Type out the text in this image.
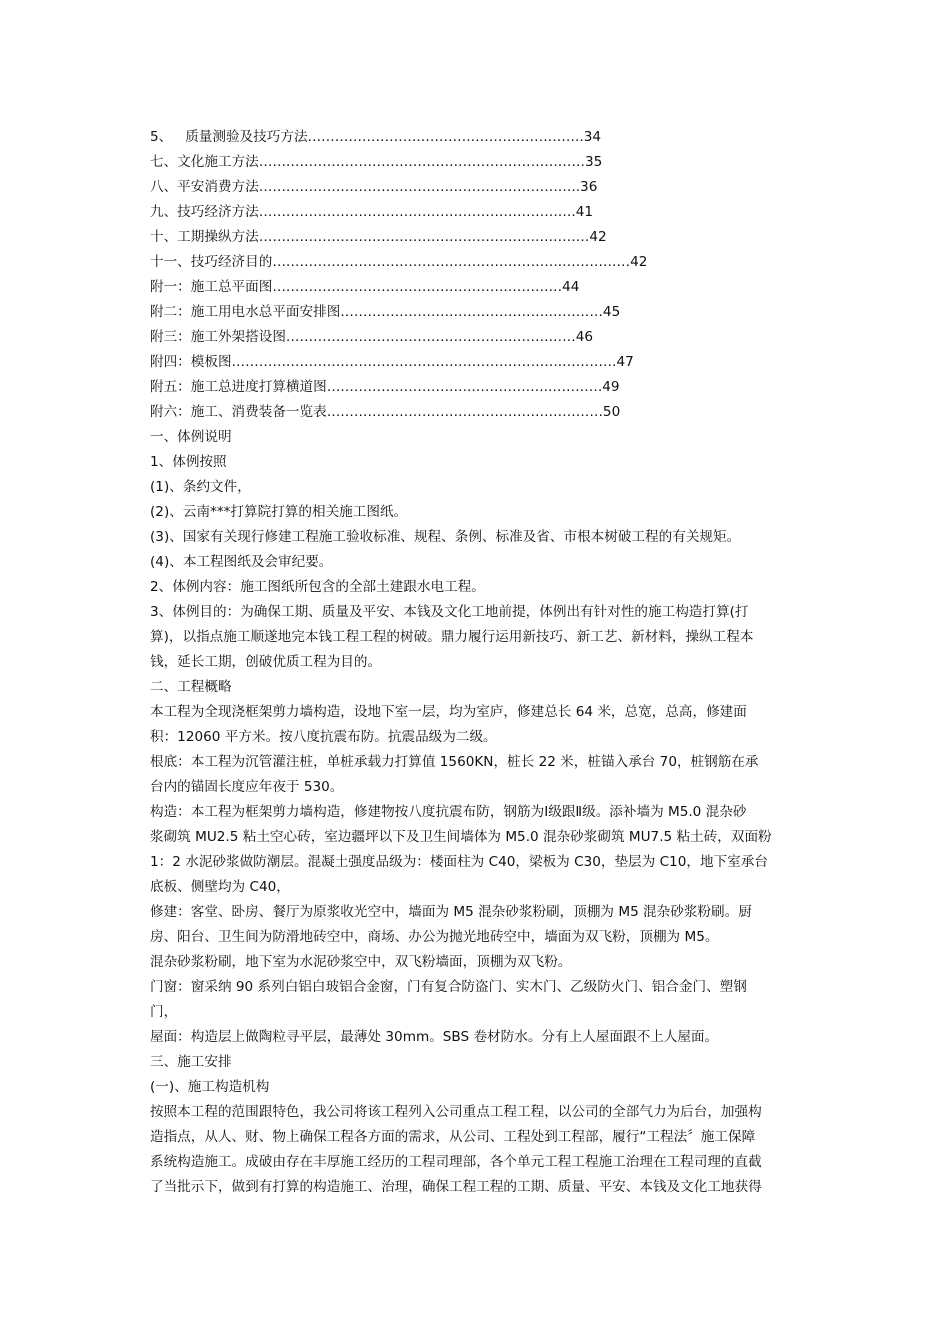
5、   质量测验及技巧方法…………………………………………………….34
七、文化施工方法………………………………………………………………35
八、平安消费方法……………………………………………………………..36
九、技巧经济方法…………………………………………………………….41
十、工期操纵方法…………………………………………………….…………42
十一、技巧经济目的……………………………………………………….……………42
附一：施工总平面图…………………………………………….…………44
附二：施工用电水总平面安排图……………………………………….…………45
附三：施工外架搭设图…………………………………………….…………46
附四：模板图……………………………………………………………….…………47
附五：施工总进度打算横道图…………………………..……………..…………49
附六：施工、消费装备一览表……………………………………….……………50
一、体例说明
1、体例按照
(1)、条约文件，
(2)、云南***打算院打算的相关施工图纸。
(3)、国家有关现行修建工程施工验收标准、规程、条例、标准及省、市根本树破工程的有关规矩。
(4)、本工程图纸及会审纪要。
2、体例内容：施工图纸所包含的全部土建跟水电工程。
3、体例目的：为确保工期、质量及平安、本钱及文化工地前提，体例出有针对性的施工构造打算(打
算)，以指点施工顺遂地完本钱工程工程的树破。鼎力履行运用新技巧、新工艺、新材料，操纵工程本
钱，延长工期，创破优质工程为目的。
二、工程概略
本工程为全现浇框架剪力墙构造，设地下室一层，均为室庐，修建总长 64 米，总宽，总高，修建面
积：12060 平方米。按八度抗震布防。抗震品级为二级。
根底：本工程为沉管灌注桩，单桩承载力打算值 1560KN，桩长 22 米，桩锚入承台 70，桩钢筋在承
台内的锚固长度应年夜于 530。
构造：本工程为框架剪力墙构造，修建物按八度抗震布防，钢筋为Ⅰ级跟Ⅱ级。添补墙为 M5.0 混杂砂
浆砌筑 MU2.5 粘土空心砖，室边疆坪以下及卫生间墙体为 M5.0 混杂砂浆砌筑 MU7.5 粘土砖，双面粉
1：2 水泥砂浆做防潮层。混凝土强度品级为：楼面柱为 C40，梁板为 C30，垫层为 C10，地下室承台
底板、侧壁均为 C40，
修建：客堂、卧房、餐厅为原浆收光空中，墙面为 M5 混杂砂浆粉刷，顶棚为 M5 混杂砂浆粉刷。厨
房、阳台、卫生间为防滑地砖空中，商场、办公为抛光地砖空中，墙面为双飞粉，顶棚为 M5。
混杂砂浆粉刷，地下室为水泥砂浆空中，双飞粉墙面，顶棚为双飞粉。
门窗：窗采纳 90 系列白铝白玻铝合金窗，门有复合防盗门、实木门、乙级防火门、铝合金门、塑钢
门，
屋面：构造层上做陶粒寻平层，最薄处 30mm。SBS 卷材防水。分有上人屋面跟不上人屋面。
三、施工安排
(一)、施工构造机构
按照本工程的范围跟特色，我公司将该工程列入公司重点工程工程，以公司的全部气力为后台，加强构
造指点，从人、财、物上确保工程各方面的需求，从公司、工程处到工程部，履行“工程法〞施工保障
系统构造施工。成破由存在丰厚施工经历的工程司理部，各个单元工程工程施工治理在工程司理的直截
了当批示下，做到有打算的构造施工、治理，确保工程工程的工期、质量、平安、本钱及文化工地获得
